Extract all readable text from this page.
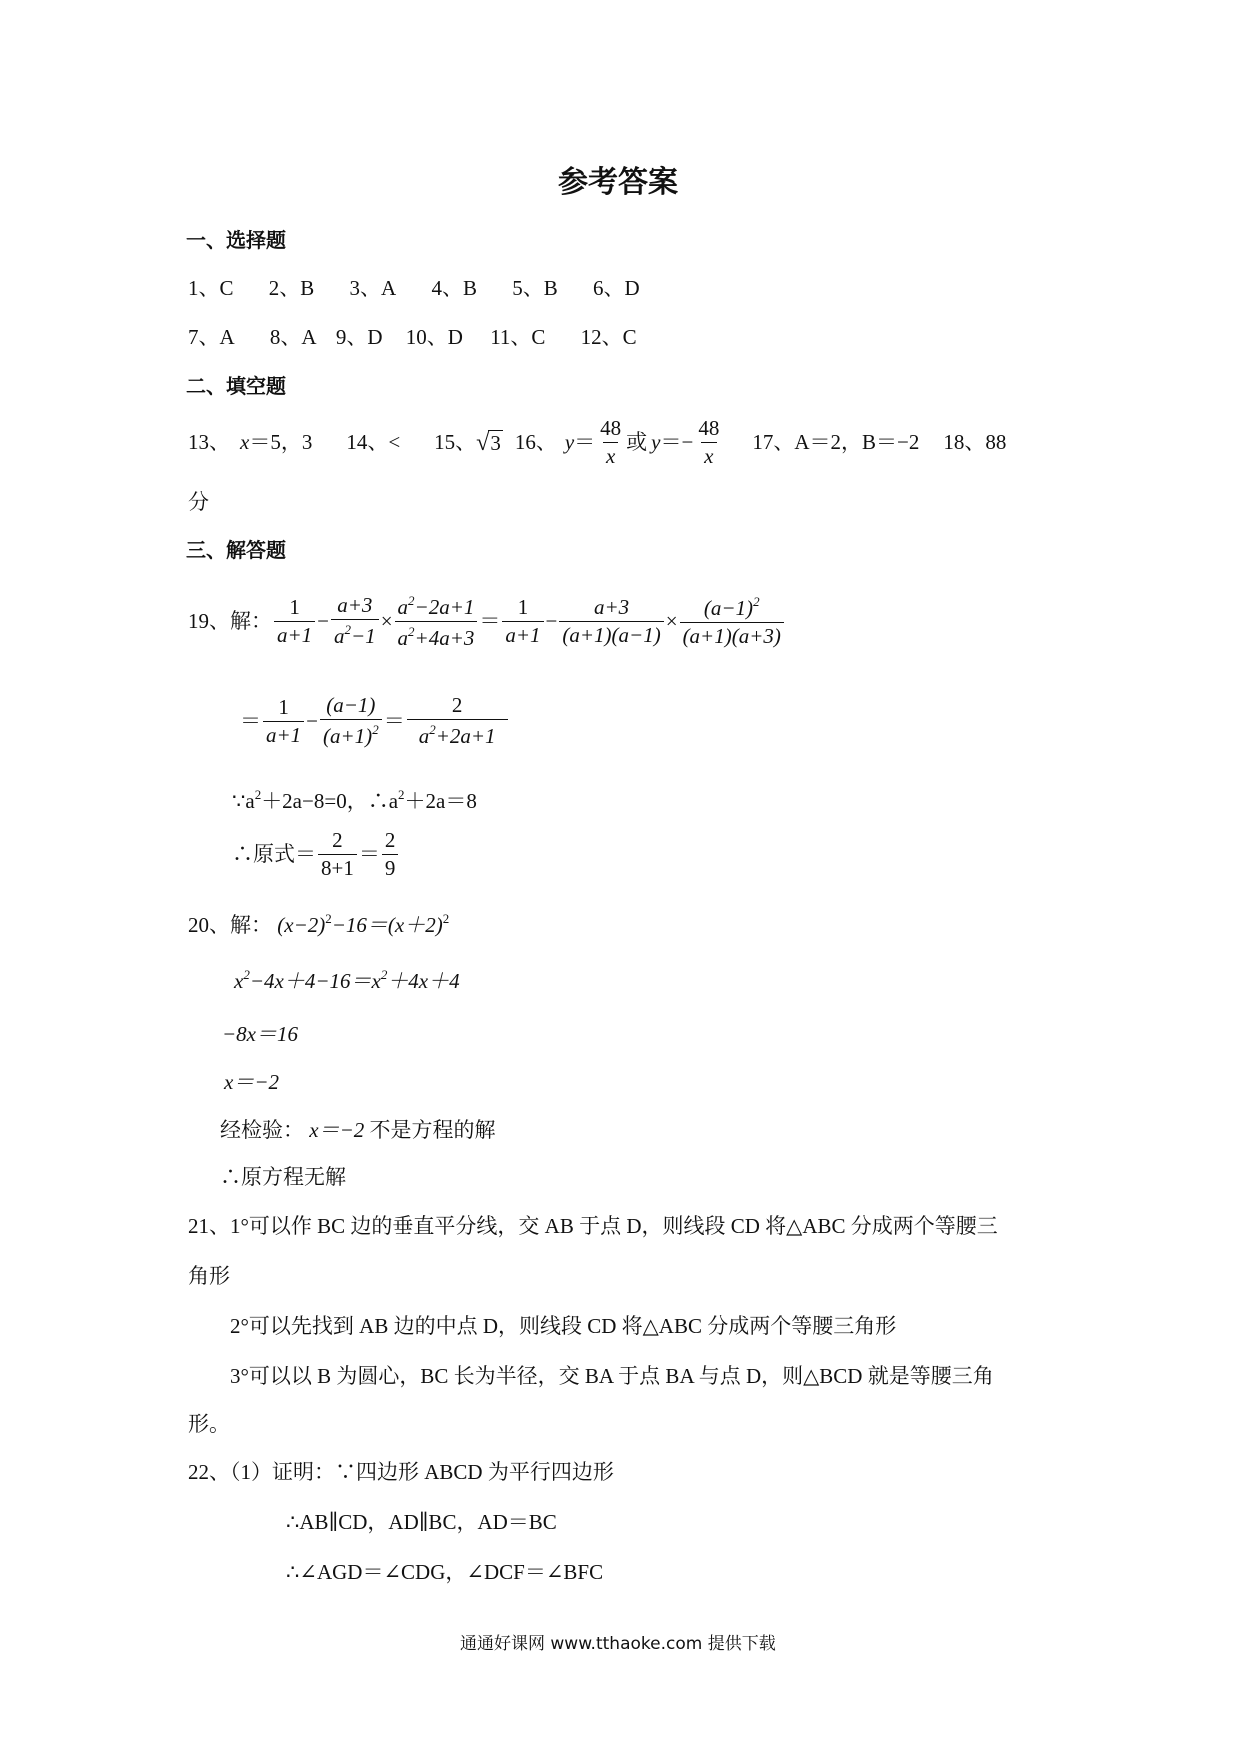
参考答案
一、选择题
1、C 2、B 3、A 4、B 5、B 6、D
7、A 8、A 9、D 10、D 11、C 12、C
二、填空题
13、 x ＝5，3 14、< 15、 √3 16、 $y = \frac{48}{x}$ 或 $y =- \frac{48}{x} 17$、A＝2，B＝−2 18、88
分
三、解答题
19、解： $\frac{1}{a+1} - \frac{a+3}{a^2-1} \times \frac{a^2-2a+1}{a^2+4a+3} = \frac{1}{a+1} - \frac{a+3}{(a+1)(a-1)} \times \frac{(a-1)^2}{(a+1)(a+3)}$
＝ $\frac{1}{a+1} - \frac{(a-1)}{(a+1)^2} = \frac{2}{a^2+2a+1}$
$\because a^2+2a-8=0$，$\therefore a^2+2a=8$
∴原式＝ $\frac{2}{8+1} = \frac{2}{9}$
20、解： $(x-2)^2-16=(x+2)^2$
$x^2-4x+4-16=x^2+4x+4$
−8x＝16
x＝−2
经检验： x＝−2 不是方程的解
∴原方程无解
21、1°可以作 BC 边的垂直平分线，交 AB 于点 D，则线段 CD 将△ABC 分成两个等腰三
角形
2°可以先找到 AB 边的中点 D，则线段 CD 将△ABC 分成两个等腰三角形
3°可以以 B 为圆心，BC 长为半径，交 BA 于点 BA 与点 D，则△BCD 就是等腰三角
形。
22、（1）证明：∵四边形 ABCD 为平行四边形
∴AB∥CD，AD∥BC，AD＝BC
∴∠AGD＝∠CDG，∠DCF＝∠BFC
通通好课网 www.tthaoke.com 提供下载
